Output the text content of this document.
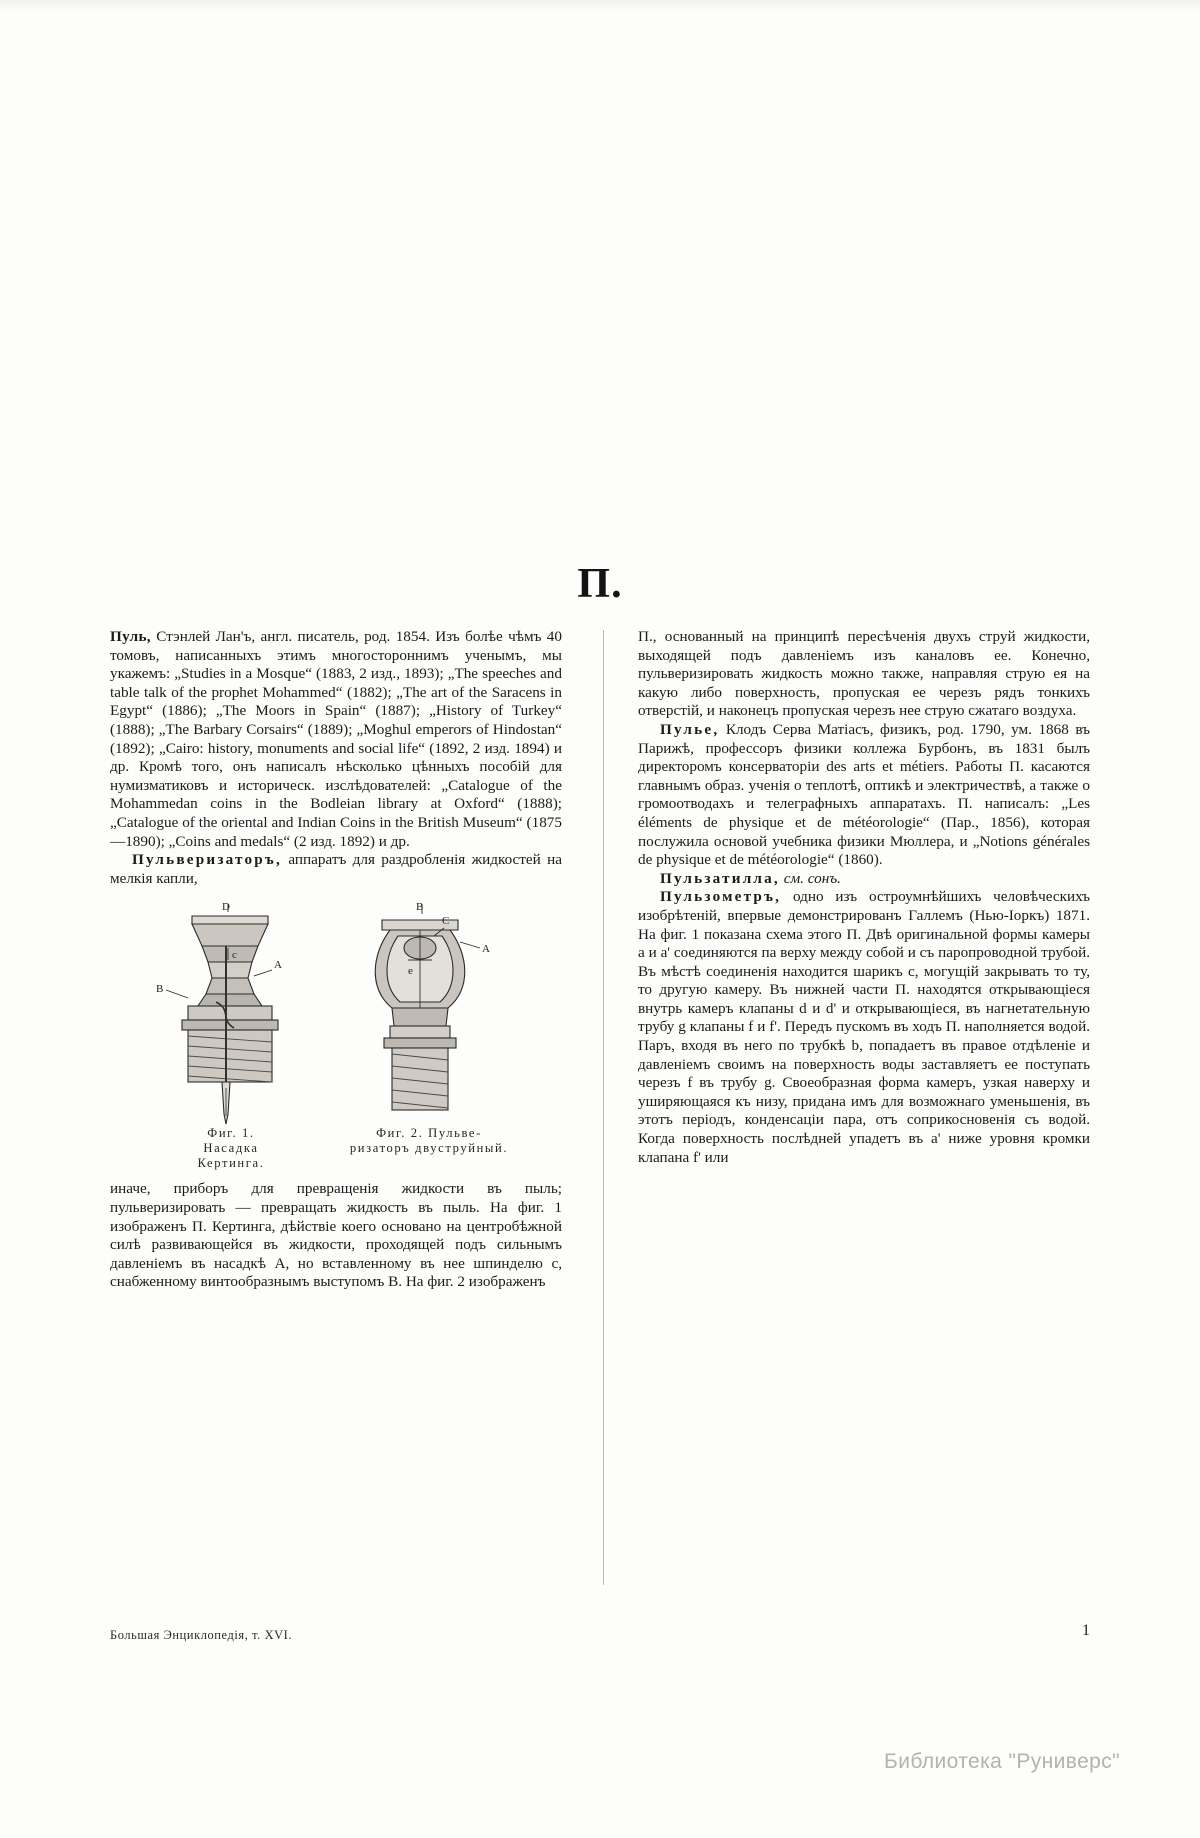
П.

Пуль, Стэнлей Лан'ъ, англ. писатель, род. 1854. Изъ болѣе чѣмъ 40 томовъ, написанныхъ этимъ многостороннимъ ученымъ, мы укажемъ: „Studies in a Mosque“ (1883, 2 изд., 1893); „The speeches and table talk of the prophet Mohammed“ (1882); „The art of the Saracens in Egypt“ (1886); „The Moors in Spain“ (1887); „History of Turkey“ (1888); „The Barbary Corsairs“ (1889); „Moghul emperors of Hindostan“ (1892); „Cairo: history, monuments and social life“ (1892, 2 изд. 1894) и др. Кромѣ того, онъ написалъ нѣсколько цѣнныхъ пособій для нумизматиковъ и историческ. изслѣдователей: „Catalogue of the Mohammedan coins in the Bodleian library at Oxford“ (1888); „Catalogue of the oriental and Indian Coins in the British Museum“ (1875—1890); „Coins and medals“ (2 изд. 1892) и др.

Пульверизаторъ, аппаратъ для раздробленія жидкостей на мелкія капли,

D
c
A
B
B
C
A
e
Фиг. 1.
Насадка
Кертинга.
Фиг. 2. Пульве-
ризаторъ двуструйный.

иначе, приборъ для превращенія жидкости въ пыль; пульверизировать — превращать жидкость въ пыль. На фиг. 1 изображенъ П. Кертинга, дѣйствіе коего основано на центробѣжной силѣ развивающейся въ жидкости, проходящей подъ сильнымъ давленіемъ въ насадкѣ A, но вставленному въ нее шпинделю c, снабженному винтообразнымъ выступомъ B. На фиг. 2 изображенъ

П., основанный на принципѣ пересѣченія двухъ струй жидкости, выходящей подъ давленіемъ изъ каналовъ ee. Конечно, пульверизировать жидкость можно также, направляя струю ея на какую либо поверхность, пропуская ее черезъ рядъ тонкихъ отверстій, и наконецъ пропуская черезъ нее струю сжатаго воздуха.

Пулье, Клодъ Серва Матіасъ, физикъ, род. 1790, ум. 1868 въ Парижѣ, профессоръ физики коллежа Бурбонъ, въ 1831 былъ директоромъ консерваторіи des arts et métiers. Работы П. касаются главнымъ образ. ученія о теплотѣ, оптикѣ и электричествѣ, а также о громоотводахъ и телеграфныхъ аппаратахъ. П. написалъ: „Les éléments de physique et de météorologie“ (Пар., 1856), которая послужила основой учебника физики Мюллера, и „Notions générales de physique et de météorologie“ (1860).

Пульзатилла, см. сонъ.

Пульзометръ, одно изъ остроумнѣйшихъ человѣческихъ изобрѣтеній, впервые демонстрированъ Галлемъ (Нью-Іоркъ) 1871. На фиг. 1 показана схема этого П. Двѣ оригинальной формы камеры a и a' соединяются па верху между собой и съ паропроводной трубой. Въ мѣстѣ соединенія находится шарикъ c, могущій закрывать то ту, то другую камеру. Въ нижней части П. находятся открывающіеся внутрь камеръ клапаны d и d' и открывающіеся, въ нагнетательную трубу g клапаны f и f'. Передъ пускомъ въ ходъ П. наполняется водой. Паръ, входя въ него по трубкѣ b, попадаетъ въ правое отдѣленіе и давленіемъ своимъ на поверхность воды заставляетъ ее поступать черезъ f въ трубу g. Своеобразная форма камеръ, узкая наверху и уширяющаяся къ низу, придана имъ для возможнаго уменьшенія, въ этотъ періодъ, конденсаціи пара, отъ соприкосновенія съ водой. Когда поверхность послѣдней упадетъ въ a' ниже уровня кромки клапана f' или

Большая Энциклопедія, т. XVI.	1
Библиотека "Руниверс"
